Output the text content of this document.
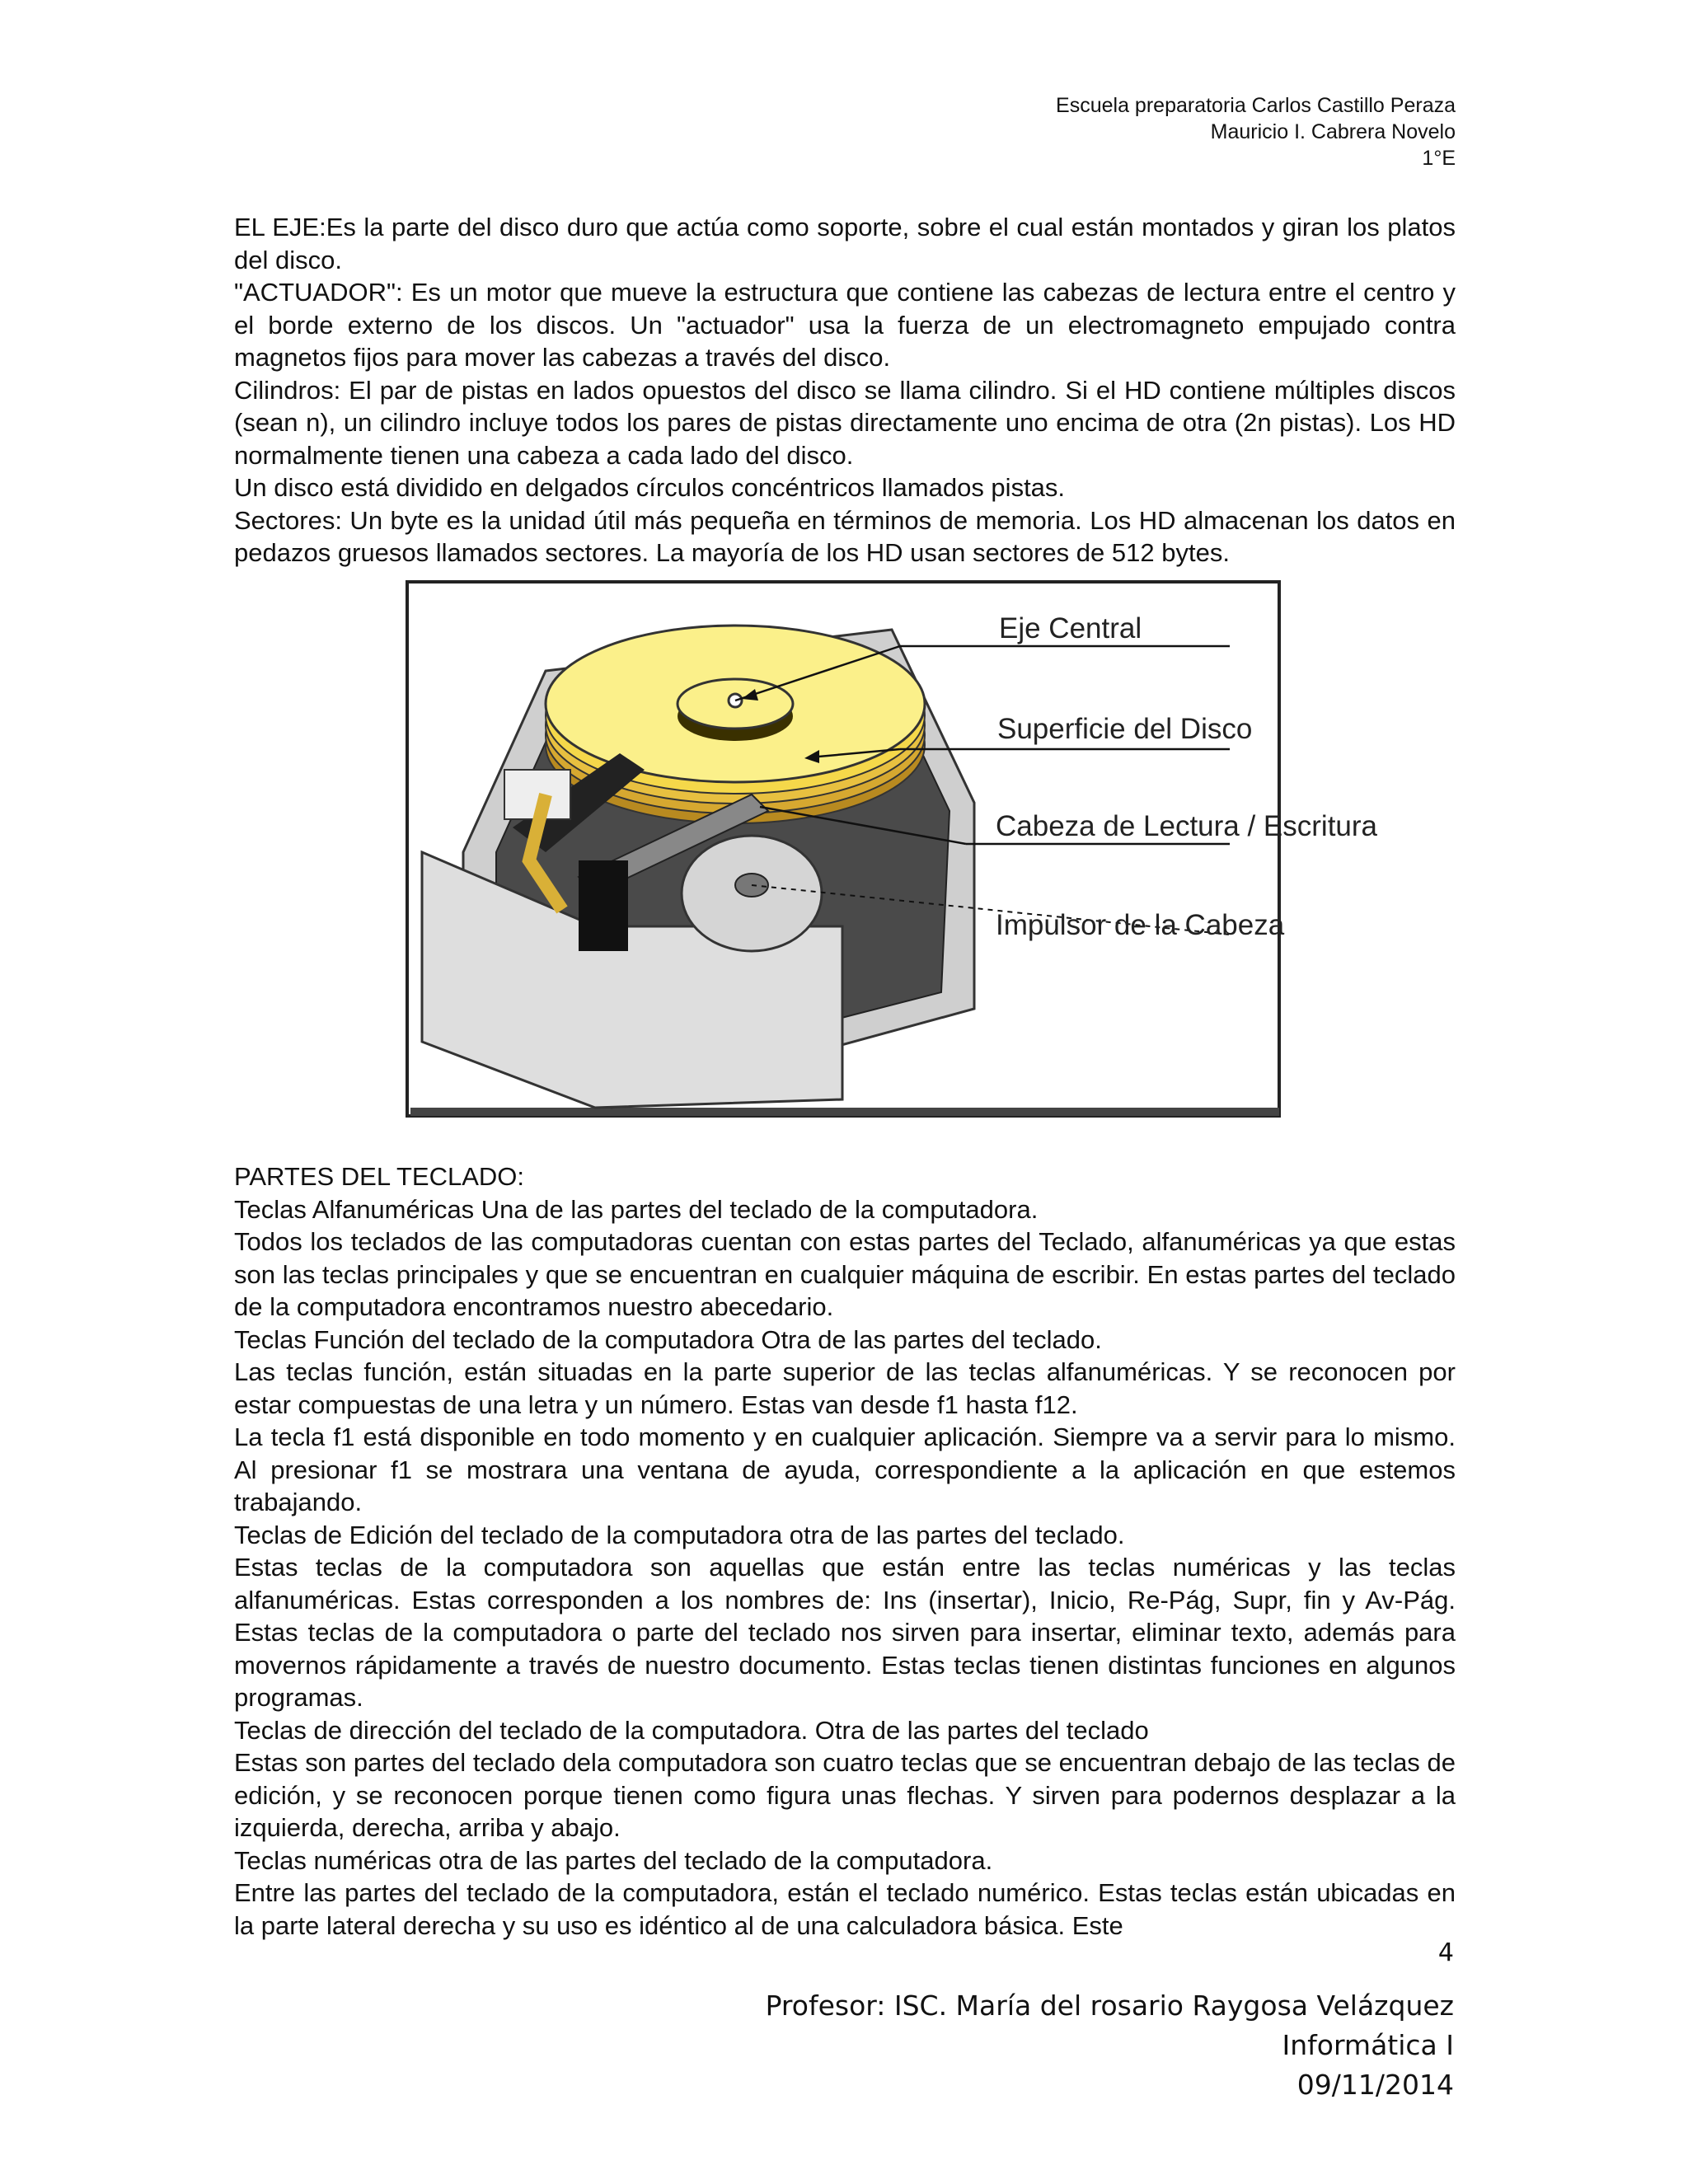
Escuela preparatoria Carlos Castillo Peraza
Mauricio I. Cabrera Novelo
1°E

EL EJE:Es la parte del disco duro que actúa como soporte, sobre el cual están montados y giran los platos del disco.

"ACTUADOR": Es un motor que mueve la estructura que contiene las cabezas de lectura entre el centro y el borde externo de los discos. Un "actuador" usa la fuerza de un electromagneto empujado contra magnetos fijos para mover las cabezas a través del disco.

Cilindros: El par de pistas en lados opuestos del disco se llama cilindro. Si el HD contiene múltiples discos (sean n), un cilindro incluye todos los pares de pistas directamente uno encima de otra (2n pistas). Los HD normalmente tienen una cabeza a cada lado del disco.

Un disco está dividido en delgados círculos concéntricos llamados pistas.

Sectores: Un byte es la unidad útil más pequeña en términos de memoria. Los HD almacenan los datos en pedazos gruesos llamados sectores. La mayoría de los HD usan sectores de 512 bytes.

Eje Central
Superficie del Disco
Cabeza de Lectura / Escritura
Impulsor de la Cabeza

PARTES DEL TECLADO:

Teclas Alfanuméricas Una de las partes del teclado de la computadora.

Todos los teclados de las computadoras cuentan con estas partes del Teclado, alfanuméricas ya que estas son las teclas principales y que se encuentran en cualquier máquina de escribir. En estas partes del teclado de la computadora encontramos nuestro abecedario.

Teclas Función del teclado de la computadora Otra de las partes del teclado.

Las teclas función, están situadas en la parte superior de las teclas alfanuméricas. Y se reconocen por estar compuestas de una letra y un número. Estas van desde f1 hasta f12.

La tecla f1 está disponible en todo momento y en cualquier aplicación. Siempre va a servir para lo mismo. Al presionar f1 se mostrara una ventana de ayuda, correspondiente a la aplicación en que estemos trabajando.

Teclas de Edición del teclado de la computadora otra de las partes del teclado.

Estas teclas de la computadora son aquellas que están entre las teclas numéricas y las teclas alfanuméricas. Estas corresponden a los nombres de: Ins (insertar), Inicio, Re-Pág, Supr, fin y Av-Pág. Estas teclas de la computadora o parte del teclado nos sirven para insertar, eliminar texto, además para movernos rápidamente a través de nuestro documento. Estas teclas tienen distintas funciones en algunos programas.

Teclas de dirección del teclado de la computadora. Otra de las partes del teclado

Estas son partes del teclado dela computadora son cuatro teclas que se encuentran debajo de las teclas de edición, y se reconocen porque tienen como figura unas flechas. Y sirven para podernos desplazar a la izquierda, derecha, arriba y abajo.

Teclas numéricas otra de las partes del teclado de la computadora.

Entre las partes del teclado de la computadora, están el teclado numérico. Estas teclas están ubicadas en la parte lateral derecha y su uso es idéntico al de una calculadora básica. Este

4
Profesor: ISC. María del rosario Raygosa Velázquez
Informática I
09/11/2014
